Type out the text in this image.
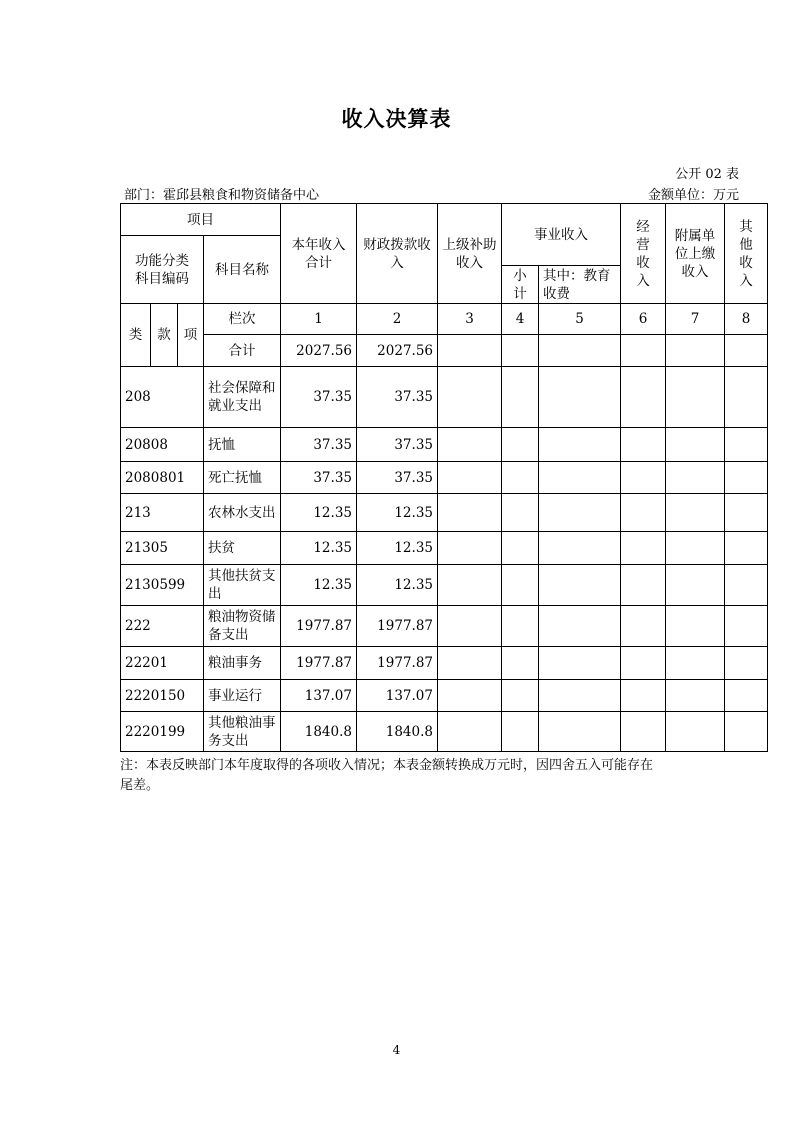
收入决算表
公开 02 表
部门：霍邱县粮食和物资储备中心	金额单位：万元
项目				本年收入合计	财政拨款收入	上级补助收入	事业收入		经营收入	附属单位上缴收入	其他收入
功能分类科目编码			科目名称								
							小计	其中：教育收费			
类	款	项	栏次	1	2	3	4	5	6	7	8
			合计	2027.56	2027.56						
208			社会保障和就业支出	37.35	37.35						
20808			抚恤	37.35	37.35						
2080801			死亡抚恤	37.35	37.35						
213			农林水支出	12.35	12.35						
21305			扶贫	12.35	12.35						
2130599			其他扶贫支出	12.35	12.35						
222			粮油物资储备支出	1977.87	1977.87						
22201			粮油事务	1977.87	1977.87						
2220150			事业运行	137.07	137.07						
2220199			其他粮油事务支出	1840.8	1840.8						
注：本表反映部门本年度取得的各项收入情况；本表金额转换成万元时，因四舍五入可能存在尾差。
4
